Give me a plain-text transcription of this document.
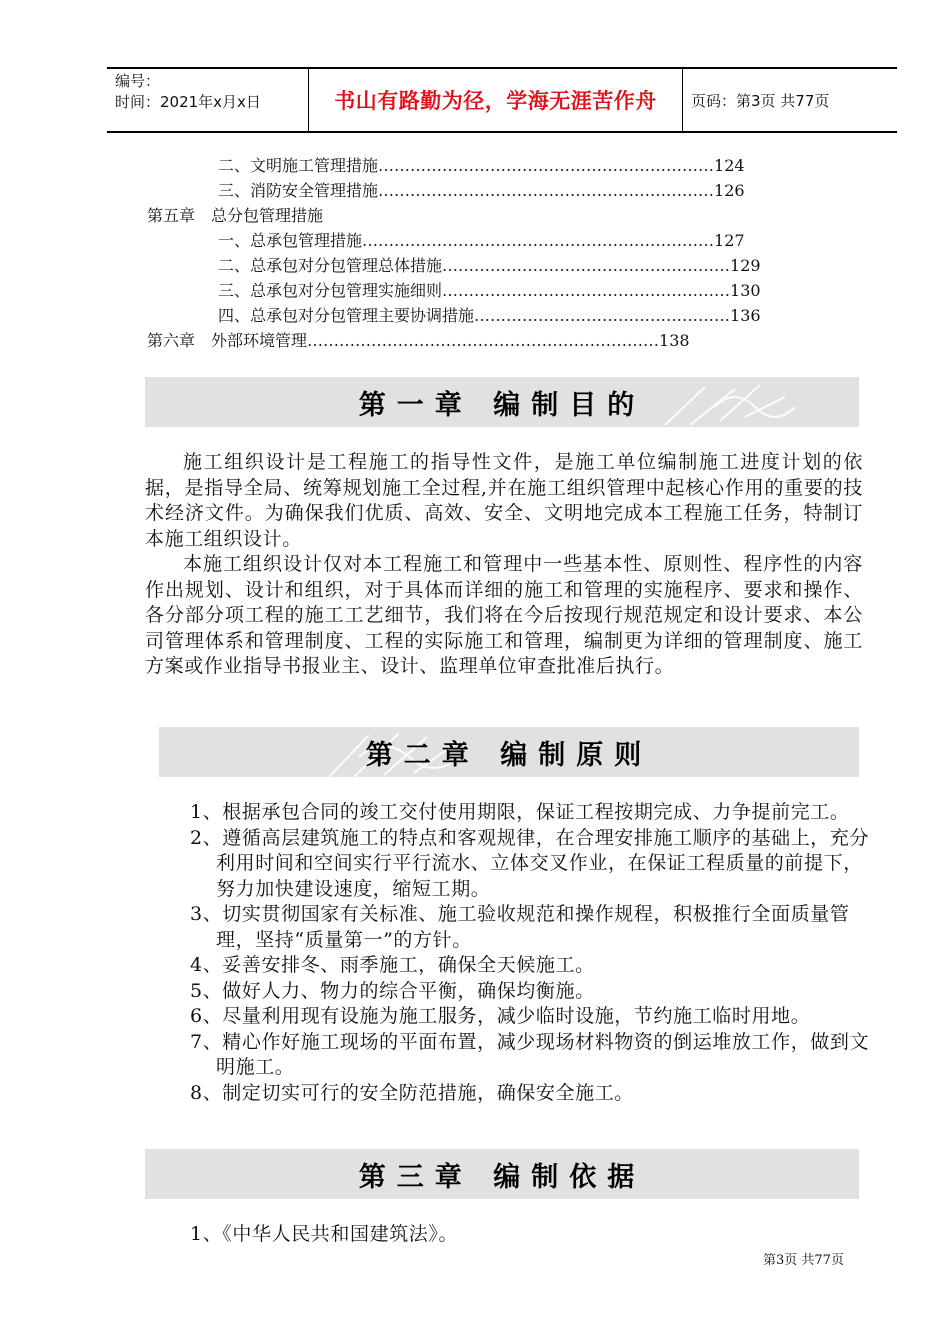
编号：
时间：2021年x月x日	书山有路勤为径，学海无涯苦作舟	页码：第3页 共77页
二、文明施工管理措施………………………………………………………124
三、消防安全管理措施………………………………………………………126
第五章　总分包管理措施
一、总承包管理措施…………………………………………………………127
二、总承包对分包管理总体措施………………………………………………129
三、总承包对分包管理实施细则………………………………………………130
四、总承包对分包管理主要协调措施…………………………………………136
第六章　外部环境管理…………………………………………………………138
第一章 编制目的
施工组织设计是工程施工的指导性文件，是施工单位编制施工进度计划的依据，是指导全局、统筹规划施工全过程,并在施工组织管理中起核心作用的重要的技术经济文件。为确保我们优质、高效、安全、文明地完成本工程施工任务，特制订本施工组织设计。
本施工组织设计仅对本工程施工和管理中一些基本性、原则性、程序性的内容作出规划、设计和组织，对于具体而详细的施工和管理的实施程序、要求和操作、各分部分项工程的施工工艺细节，我们将在今后按现行规范规定和设计要求、本公司管理体系和管理制度、工程的实际施工和管理，编制更为详细的管理制度、施工方案或作业指导书报业主、设计、监理单位审查批准后执行。
第二章 编制原则
1、根据承包合同的竣工交付使用期限，保证工程按期完成、力争提前完工。
2、遵循高层建筑施工的特点和客观规律，在合理安排施工顺序的基础上，充分利用时间和空间实行平行流水、立体交叉作业，在保证工程质量的前提下，努力加快建设速度，缩短工期。
3、切实贯彻国家有关标准、施工验收规范和操作规程，积极推行全面质量管理，坚持“质量第一”的方针。
4、妥善安排冬、雨季施工，确保全天候施工。
5、做好人力、物力的综合平衡，确保均衡施。
6、尽量利用现有设施为施工服务，减少临时设施，节约施工临时用地。
7、精心作好施工现场的平面布置，减少现场材料物资的倒运堆放工作，做到文明施工。
8、制定切实可行的安全防范措施，确保安全施工。
第三章 编制依据
1、《中华人民共和国建筑法》。
第3页 共77页
